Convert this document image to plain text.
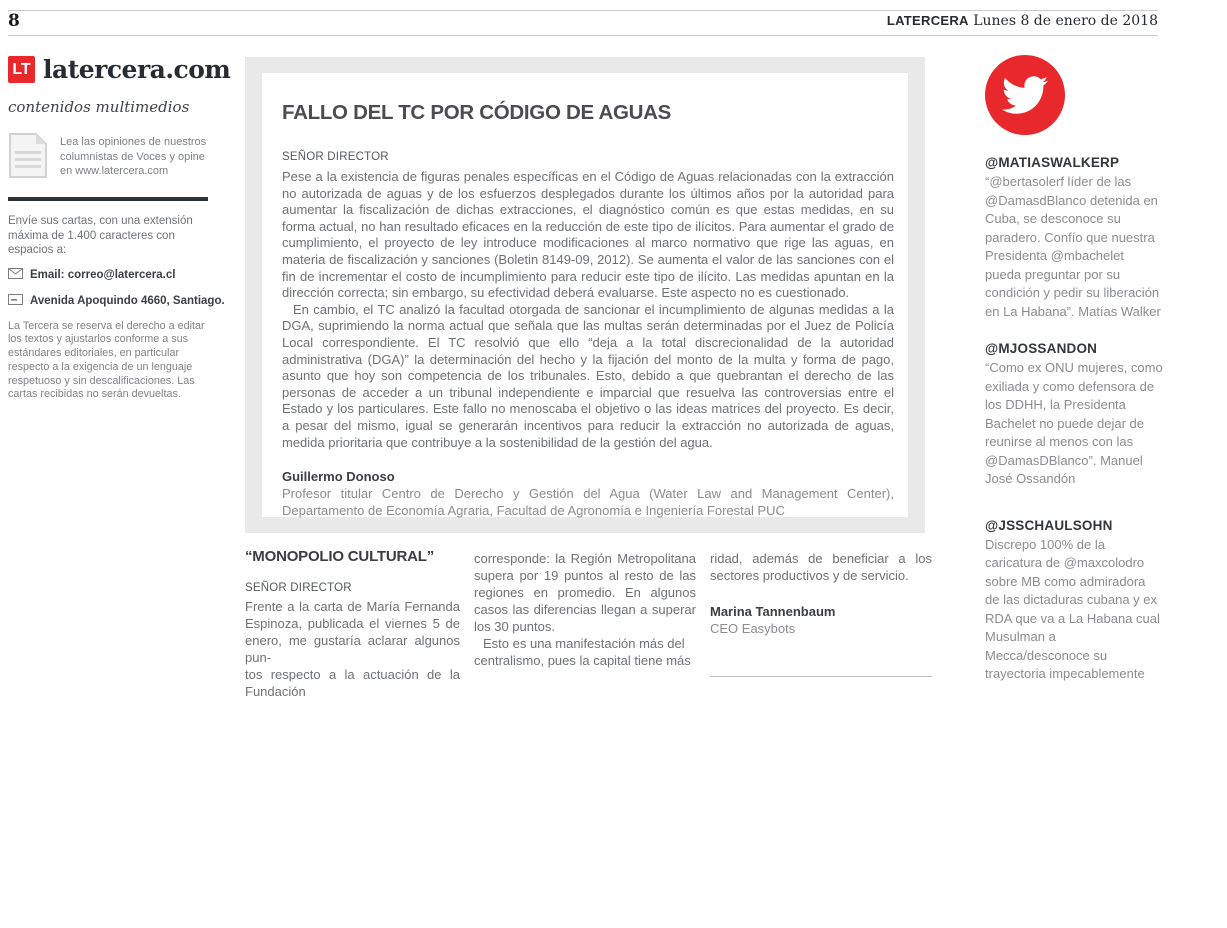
8	LATERCERA Lunes 8 de enero de 2018
LT latercera.com
contenidos multimedios
Lea las opiniones de nuestros columnistas de Voces y opine en www.latercera.com
Envíe sus cartas, con una extensión máxima de 1.400 caracteres con espacios a:
Email: correo@latercera.cl
Avenida Apoquindo 4660, Santiago.
La Tercera se reserva el derecho a editar los textos y ajustarlos conforme a sus estándares editoriales, en particular respecto a la exigencia de un lenguaje respetuoso y sin descalificaciones. Las cartas recibidas no serán devueltas.
FALLO DEL TC POR CÓDIGO DE AGUAS
SEÑOR DIRECTOR

Pese a la existencia de figuras penales específicas en el Código de Aguas relacionadas con la extracción no autorizada de aguas y de los esfuerzos desplegados durante los últimos años por la autoridad para aumentar la fiscalización de dichas extracciones, el diagnóstico común es que estas medidas, en su forma actual, no han resultado eficaces en la reducción de este tipo de ilícitos. Para aumentar el grado de cumplimiento, el proyecto de ley introduce modificaciones al marco normativo que rige las aguas, en materia de fiscalización y sanciones (Boletin 8149-09, 2012). Se aumenta el valor de las sanciones con el fin de incrementar el costo de incumplimiento para reducir este tipo de ilícito. Las medidas apuntan en la dirección correcta; sin embargo, su efectividad deberá evaluarse. Este aspecto no es cuestionado.

En cambio, el TC analizó la facultad otorgada de sancionar el incumplimiento de algunas medidas a la DGA, suprimiendo la norma actual que señala que las multas serán determinadas por el Juez de Policía Local correspondiente. El TC resolvió que ello “deja a la total discrecionalidad de la autoridad administrativa (DGA)” la determinación del hecho y la fijación del monto de la multa y forma de pago, asunto que hoy son competencia de los tribunales. Esto, debido a que quebrantan el derecho de las personas de acceder a un tribunal independiente e imparcial que resuelva las controversias entre el Estado y los particulares. Este fallo no menoscaba el objetivo o las ideas matrices del proyecto. Es decir, a pesar del mismo, igual se generarán incentivos para reducir la extracción no autorizada de aguas, medida prioritaria que contribuye a la sostenibilidad de la gestión del agua.

Guillermo Donoso
Profesor titular Centro de Derecho y Gestión del Agua (Water Law and Management Center), Departamento de Economía Agraria, Facultad de Agronomía e Ingeniería Forestal PUC
“MONOPOLIO CULTURAL”
SEÑOR DIRECTOR

Frente a la carta de María Fernanda Espinoza, publicada el viernes 5 de enero, me gustaría aclarar algunos pun-

tos respecto a la actuación de la Fundación

corresponde: la Región Metropolitana supera por 19 puntos al resto de las regiones en promedio. En algunos casos las diferencias llegan a superar los 30 puntos.

Esto es una manifestación más del

centralismo, pues la capital tiene más

ridad, además de beneficiar a los sectores productivos y de servicio.

Marina Tannenbaum
CEO Easybots
@MATIASWALKERP
“@bertasolerf líder de las @DamasdBlanco detenida en Cuba, se desconoce su paradero. Confío que nuestra Presidenta @mbachelet pueda preguntar por su condición y pedir su liberación en La Habana”. Matías Walker
@MJOSSANDON
“Como ex ONU mujeres, como exiliada y como defensora de los DDHH, la Presidenta Bachelet no puede dejar de reunirse al menos con las @DamasDBlanco”. Manuel José Ossandón
@JSSCHAULSOHN
Discrepo 100% de la caricatura de @maxcolodro sobre MB como admiradora de las dictaduras cubana y ex RDA que va a La Habana cual Musulman a Mecca/desconoce su
trayectoria impecablemente
